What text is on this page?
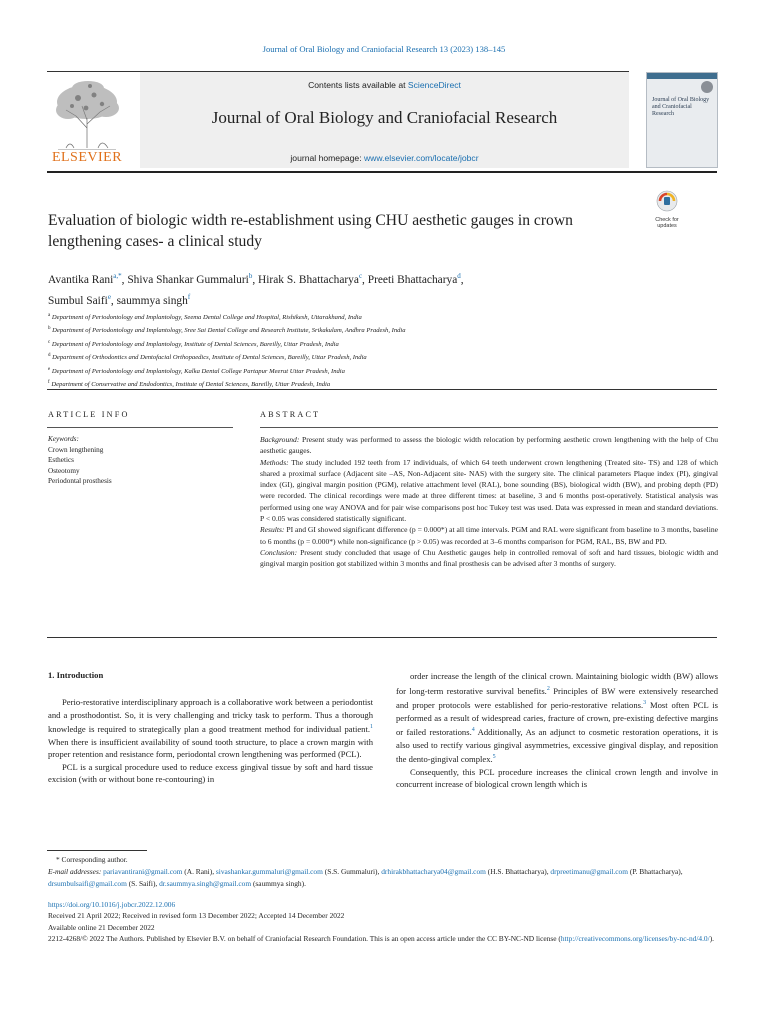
Journal of Oral Biology and Craniofacial Research 13 (2023) 138–145
ELSEVIER
Contents lists available at ScienceDirect
Journal of Oral Biology and Craniofacial Research
journal homepage: www.elsevier.com/locate/jobcr
Journal of Oral Biology and Craniofacial Research
Check for
updates
Evaluation of biologic width re-establishment using CHU aesthetic gauges in crown lengthening cases- a clinical study
Avantika Rani$^{a,*}$, Shiva Shankar Gummaluri$^b$, Hirak S. Bhattacharya$^c$, Preeti Bhattacharya$^d$,
Sumbul Saifi$^e$, saummya singh$^f$
$^a$ Department of Periodontology and Implantology, Seema Dental College and Hospital, Rishikesh, Uttarakhand, India
$^b$ Department of Periodontology and Implantology, Sree Sai Dental College and Research Institute, Srikakulam, Andhra Pradesh, India
$^c$ Department of Periodontology and Implantology, Institute of Dental Sciences, Bareilly, Uttar Pradesh, India
$^d$ Department of Orthodontics and Dentofacial Orthopaedics, Institute of Dental Sciences, Bareilly, Uttar Pradesh, India
$^e$ Department of Periodontology and Implantology, Kalka Dental College Partapur Meerut Uttar Pradesh, India
$^f$ Department of Conservative and Endodontics, Institute of Dental Sciences, Bareilly, Uttar Pradesh, India
ARTICLE INFO	ABSTRACT
Keywords:
Crown lengthening
Esthetics
Osteotomy
Periodontal prosthesis

Background: Present study was performed to assess the biologic width relocation by performing aesthetic crown lengthening with the help of Chu aesthetic gauges.

Methods: The study included 192 teeth from 17 individuals, of which 64 teeth underwent crown lengthening (Treated site- TS) and 128 of which shared a proximal surface (Adjacent site –AS, Non-Adjacent site- NAS) with the surgery site. The clinical parameters Plaque index (PI), gingival index (GI), gingival margin position (PGM), relative attachment level (RAL), bone sounding (BS), biological width (BW), and probing depth (PD) were recorded. The clinical recordings were made at three different times: at baseline, 3 and 6 months post-operatively. Statistical analysis was performed using one way ANOVA and for pair wise comparisons post hoc Tukey test was used. Data was expressed in mean and standard deviations. P < 0.05 was considered statistically significant.

Results: PI and GI showed significant difference (p = 0.000*) at all time intervals. PGM and RAL were significant from baseline to 3 months, baseline to 6 months (p = 0.000*) while non-significance (p > 0.05) was recorded at 3–6 months comparison for PGM, RAL, BS, BW and PD.

Conclusion: Present study concluded that usage of Chu Aesthetic gauges help in controlled removal of soft and hard tissues, biologic width and gingival margin position got stabilized within 3 months and final prosthesis can be advised after 3 months of surgery.

1. Introduction

Perio-restorative interdisciplinary approach is a collaborative work between a periodontist and a prosthodontist. So, it is very challenging and tricky task to perform. Thus a thorough knowledge is required to strategically plan a good treatment method for individual patient.$^1$ When there is insufficient availability of sound tooth structure, to place a crown margin with proper retention and resistance form, periodontal crown lengthening was performed (PCL).

PCL is a surgical procedure used to reduce excess gingival tissue by soft and hard tissue excision (with or without bone re-contouring) in

order increase the length of the clinical crown. Maintaining biologic width (BW) allows for long-term restorative survival benefits.$^2$ Principles of BW were extensively researched and proper protocols were established for perio-restorative relations.$^3$ Most often PCL is performed as a result of widespread caries, fracture of crown, pre-existing defective margins or failed restorations.$^4$ Additionally, As an adjunct to cosmetic restoration operations, it is also used to rectify various gingival asymmetries, excessive gingival display, and reposition the dento-gingival complex.$^5$

Consequently, this PCL procedure increases the clinical crown length and involve in concurrent increase of biological crown length which is

* Corresponding author.

E-mail addresses: pariavantirani@gmail.com (A. Rani), sivashankar.gummaluri@gmail.com (S.S. Gummaluri), drhirakbhattacharya04@gmail.com (H.S. Bhattacharya), drpreetimanu@gmail.com (P. Bhattacharya), drsumbulsaifi@gmail.com (S. Saifi), dr.saummya.singh@gmail.com (saummya singh).

https://doi.org/10.1016/j.jobcr.2022.12.006

Received 21 April 2022; Received in revised form 13 December 2022; Accepted 14 December 2022

Available online 21 December 2022

2212-4268/© 2022 The Authors. Published by Elsevier B.V. on behalf of Craniofacial Research Foundation. This is an open access article under the CC BY-NC-ND license (http://creativecommons.org/licenses/by-nc-nd/4.0/).
